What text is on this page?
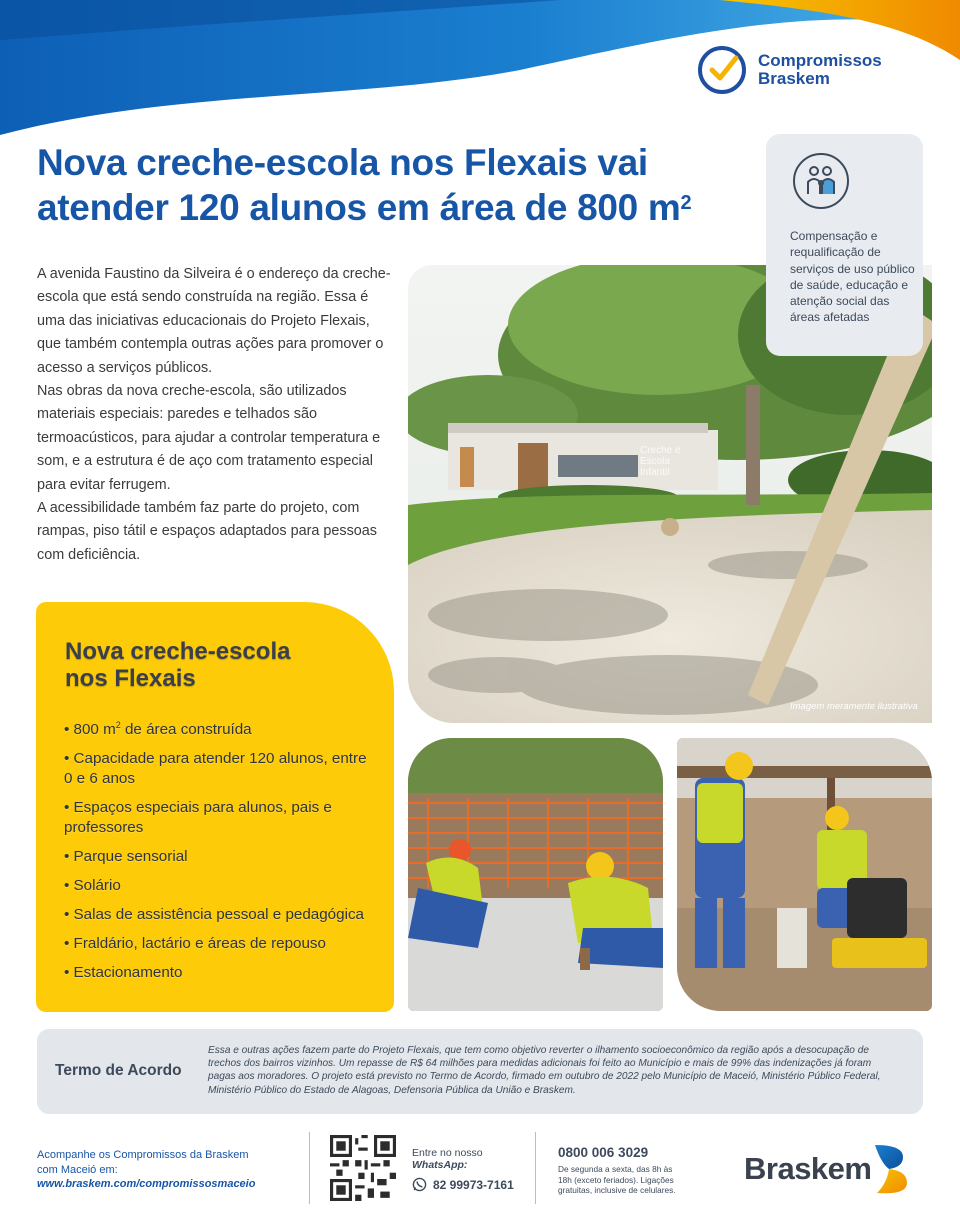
Compromissos
Braskem
Nova creche-escola nos Flexais vai atender 120 alunos em área de 800 $m^2$

A avenida Faustino da Silveira é o endereço da creche-escola que está sendo construída na região. Essa é uma das iniciativas educacionais do Projeto Flexais, que também contempla outras ações para promover o acesso a serviços públicos.

Nas obras da nova creche-escola, são utilizados materiais especiais: paredes e telhados são termoacústicos, para ajudar a controlar temperatura e som, e a estrutura é de aço com tratamento especial para evitar ferrugem.

A acessibilidade também faz parte do projeto, com rampas, piso tátil e espaços adaptados para pessoas com deficiência.

Creche e
Escola
Infantil
Imagem meramente ilustrativa
Compensação e requalificação de serviços de uso público de saúde, educação e atenção social das áreas afetadas
Nova creche-escola
nos Flexais
• 800 $m^2$ de área construída
• Capacidade para atender 120 alunos, entre 0 e 6 anos
• Espaços especiais para alunos, pais e professores
• Parque sensorial
• Solário
• Salas de assistência pessoal e pedagógica
• Fraldário, lactário e áreas de repouso
• Estacionamento
Termo de Acordo
Essa e outras ações fazem parte do Projeto Flexais, que tem como objetivo reverter o ilhamento socioeconômico da região após a desocupação de trechos dos bairros vizinhos. Um repasse de R$ 64 milhões para medidas adicionais foi feito ao Município e mais de 99% das indenizações já foram pagas aos moradores. O projeto está previsto no Termo de Acordo, firmado em outubro de 2022 pelo Município de Maceió, Ministério Público Federal, Ministério Público do Estado de Alagoas, Defensoria Pública da União e Braskem.
Acompanhe os Compromissos da Braskem
com Maceió em:
www.braskem.com/compromissosmaceio
Entre no nosso
WhatsApp:
82 99973-7161
0800 006 3029
De segunda a sexta, das 8h às 18h (exceto feriados). Ligações gratuitas, inclusive de celulares.
Braskem
